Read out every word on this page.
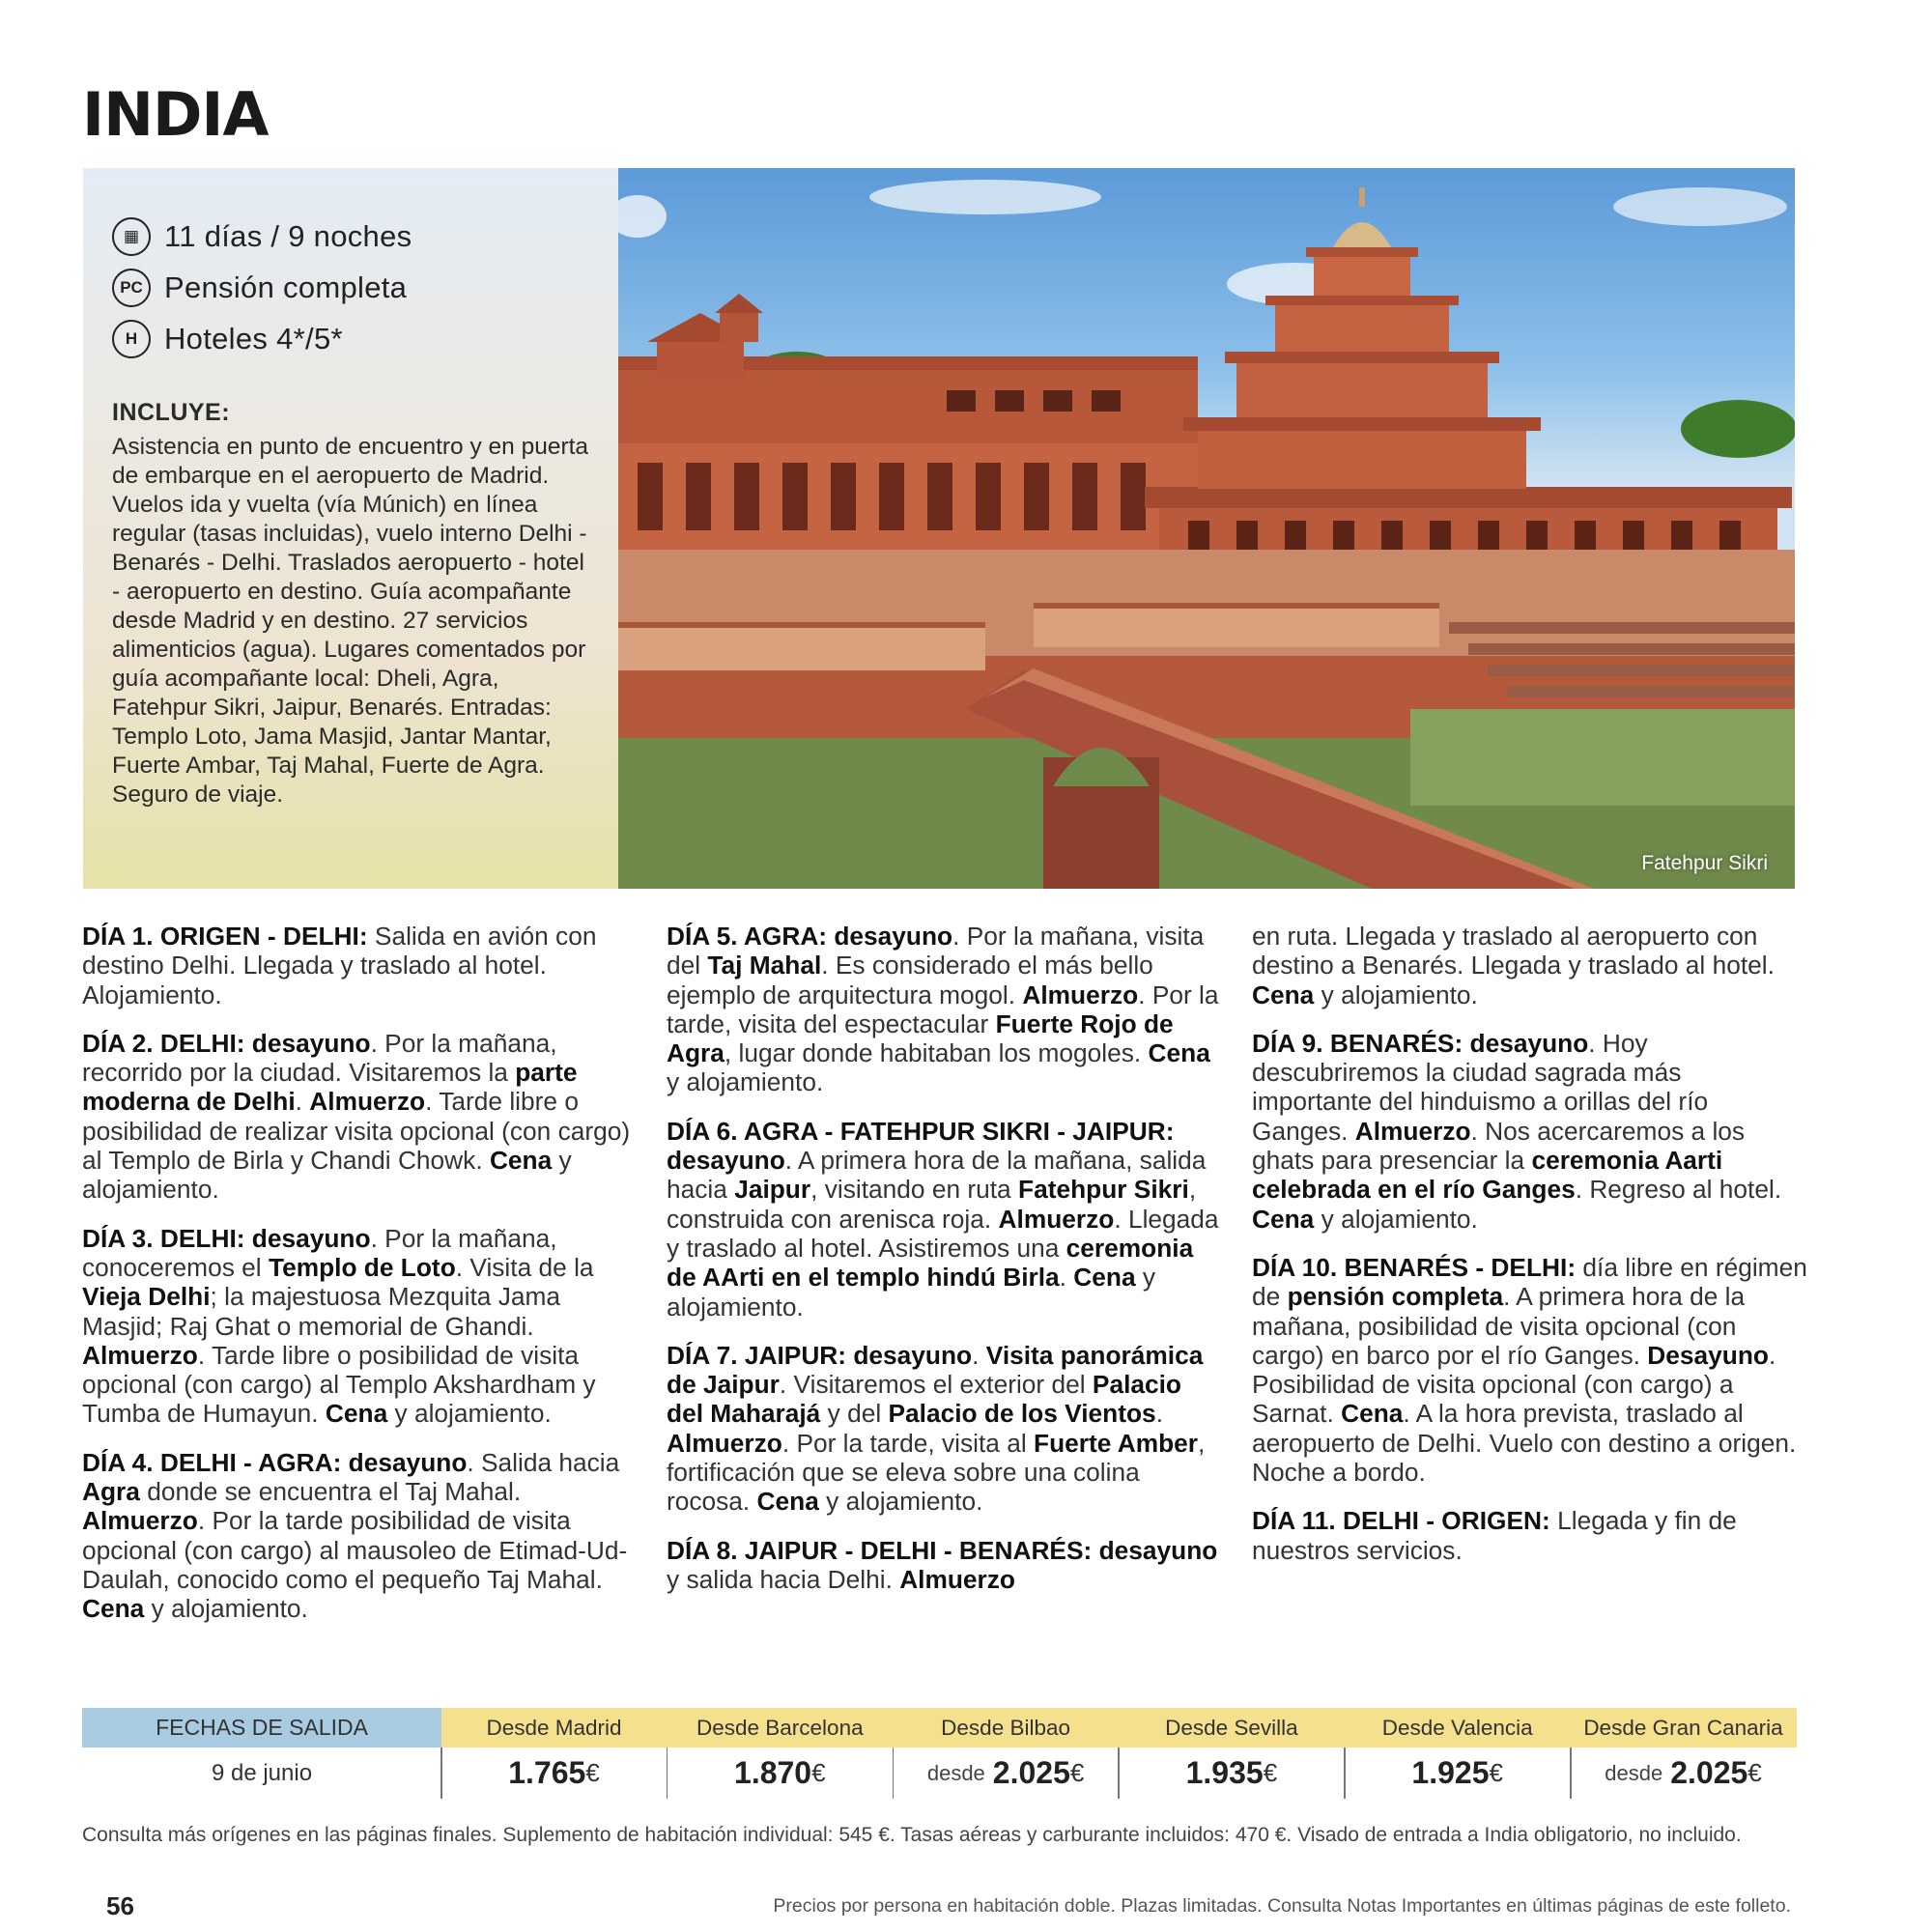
INDIA
▦ 11 días / 9 noches
PC Pensión completa
H Hoteles 4*/5*
INCLUYE:
Asistencia en punto de encuentro y en puerta de embarque en el aeropuerto de Madrid. Vuelos ida y vuelta (vía Múnich) en línea regular (tasas incluidas), vuelo interno Delhi - Benarés - Delhi. Traslados aeropuerto - hotel - aeropuerto en destino. Guía acompañante desde Madrid y en destino. 27 servicios alimenticios (agua). Lugares comentados por guía acompañante local: Dheli, Agra, Fatehpur Sikri, Jaipur, Benarés. Entradas: Templo Loto, Jama Masjid, Jantar Mantar, Fuerte Ambar, Taj Mahal, Fuerte de Agra. Seguro de viaje.
Fatehpur Sikri

DÍA 1. ORIGEN - DELHI: Salida en avión con destino Delhi. Llegada y traslado al hotel. Alojamiento.

DÍA 2. DELHI: desayuno. Por la mañana, recorrido por la ciudad. Visitaremos la parte moderna de Delhi. Almuerzo. Tarde libre o posibilidad de realizar visita opcional (con cargo) al Templo de Birla y Chandi Chowk. Cena y alojamiento.

DÍA 3. DELHI: desayuno. Por la mañana, conoceremos el Templo de Loto. Visita de la Vieja Delhi; la majestuosa Mezquita Jama Masjid; Raj Ghat o memorial de Ghandi. Almuerzo. Tarde libre o posibilidad de visita opcional (con cargo) al Templo Akshardham y Tumba de Humayun. Cena y alojamiento.

DÍA 4. DELHI - AGRA: desayuno. Salida hacia Agra donde se encuentra el Taj Mahal. Almuerzo. Por la tarde posibilidad de visita opcional (con cargo) al mausoleo de Etimad-Ud-Daulah, conocido como el pequeño Taj Mahal. Cena y alojamiento.

DÍA 5. AGRA: desayuno. Por la mañana, visita del Taj Mahal. Es considerado el más bello ejemplo de arquitectura mogol. Almuerzo. Por la tarde, visita del espectacular Fuerte Rojo de Agra, lugar donde habitaban los mogoles. Cena y alojamiento.

DÍA 6. AGRA - FATEHPUR SIKRI - JAIPUR: desayuno. A primera hora de la mañana, salida hacia Jaipur, visitando en ruta Fatehpur Sikri, construida con arenisca roja. Almuerzo. Llegada y traslado al hotel. Asistiremos una ceremonia de AArti en el templo hindú Birla. Cena y alojamiento.

DÍA 7. JAIPUR: desayuno. Visita panorámica de Jaipur. Visitaremos el exterior del Palacio del Maharajá y del Palacio de los Vientos. Almuerzo. Por la tarde, visita al Fuerte Amber, fortificación que se eleva sobre una colina rocosa. Cena y alojamiento.

DÍA 8. JAIPUR - DELHI - BENARÉS: desayuno y salida hacia Delhi. Almuerzo

en ruta. Llegada y traslado al aeropuerto con destino a Benarés. Llegada y traslado al hotel. Cena y alojamiento.

DÍA 9. BENARÉS: desayuno. Hoy descubriremos la ciudad sagrada más importante del hinduismo a orillas del río Ganges. Almuerzo. Nos acercaremos a los ghats para presenciar la ceremonia Aarti celebrada en el río Ganges. Regreso al hotel. Cena y alojamiento.

DÍA 10. BENARÉS - DELHI: día libre en régimen de pensión completa. A primera hora de la mañana, posibilidad de visita opcional (con cargo) en barco por el río Ganges. Desayuno. Posibilidad de visita opcional (con cargo) a Sarnat. Cena. A la hora prevista, traslado al aeropuerto de Delhi. Vuelo con destino a origen. Noche a bordo.

DÍA 11. DELHI - ORIGEN: Llegada y fin de nuestros servicios.

FECHAS DE SALIDA
9 de junio
Desde Madrid
1.765 €
Desde Barcelona
1.870 €
Desde Bilbao
desde 2.025 €
Desde Sevilla
1.935 €
Desde Valencia
1.925 €
Desde Gran Canaria
desde 2.025 €
Consulta más orígenes en las páginas finales. Suplemento de habitación individual: 545 €. Tasas aéreas y carburante incluidos: 470 €. Visado de entrada a India obligatorio, no incluido.
56	Precios por persona en habitación doble. Plazas limitadas. Consulta Notas Importantes en últimas páginas de este folleto.
